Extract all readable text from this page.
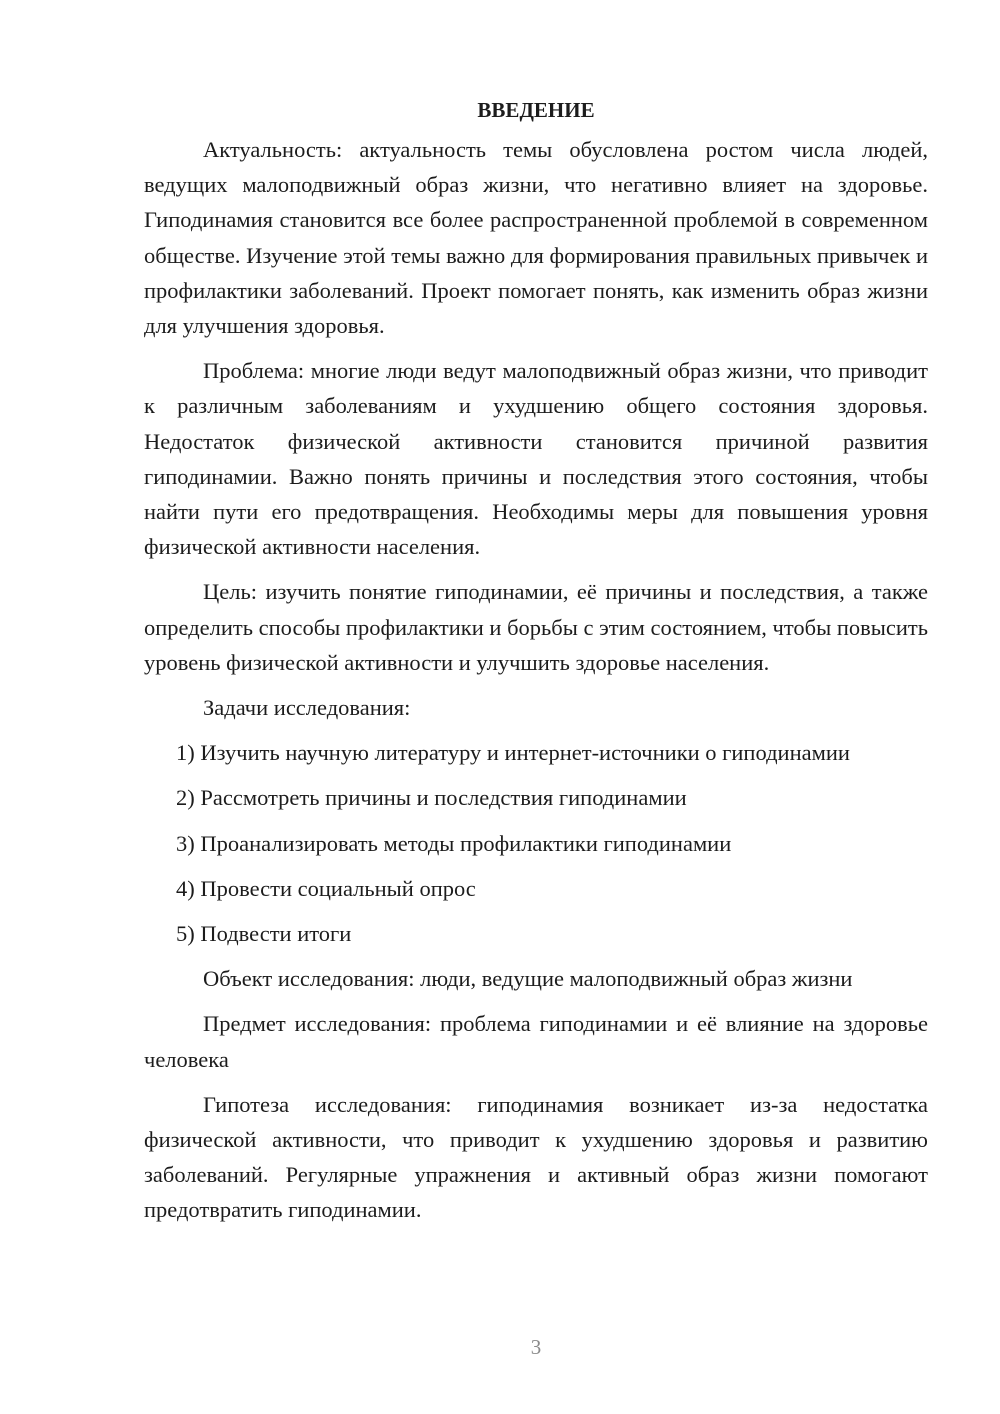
ВВЕДЕНИЕ

Актуальность: актуальность темы обусловлена ростом числа людей, ведущих малоподвижный образ жизни, что негативно влияет на здоровье. Гиподинамия становится все более распространенной проблемой в современном обществе. Изучение этой темы важно для формирования правильных привычек и профилактики заболеваний. Проект помогает понять, как изменить образ жизни для улучшения здоровья.

Проблема: многие люди ведут малоподвижный образ жизни, что приводит к различным заболеваниям и ухудшению общего состояния здоровья. Недостаток физической активности становится причиной развития гиподинамии. Важно понять причины и последствия этого состояния, чтобы найти пути его предотвращения. Необходимы меры для повышения уровня физической активности населения.

Цель: изучить понятие гиподинамии, её причины и последствия, а также определить способы профилактики и борьбы с этим состоянием, чтобы повысить уровень физической активности и улучшить здоровье населения.

Задачи исследования:
1) Изучить научную литературу и интернет-источники о гиподинамии
2) Рассмотреть причины и последствия гиподинамии
3) Проанализировать методы профилактики гиподинамии
4) Провести социальный опрос
5) Подвести итоги
Объект исследования: люди, ведущие малоподвижный образ жизни

Предмет исследования: проблема гиподинамии и её влияние на здоровье человека

Гипотеза исследования: гиподинамия возникает из-за недостатка физической активности, что приводит к ухудшению здоровья и развитию заболеваний. Регулярные упражнения и активный образ жизни помогают предотвратить гиподинамии.

3
